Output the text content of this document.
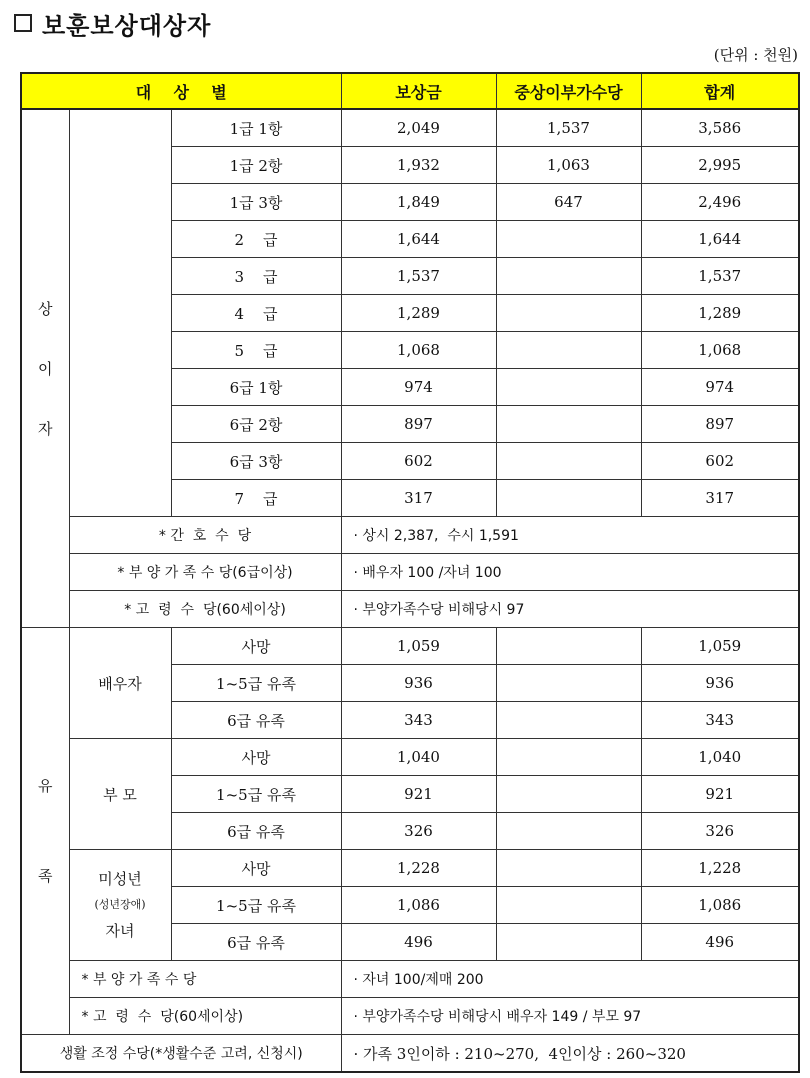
보훈보상대상자
(단위 : 천원)
대    상    별			보상금	중상이부가수당	합계

상
이
자		1급 1항	2,049	1,537	3,586
		1급 2항	1,932	1,063	2,995
		1급 3항	1,849	647	2,496
		2    급	1,644		1,644
		3    급	1,537		1,537
		4    급	1,289		1,289
		5    급	1,068		1,068
		6급 1항	974		974
		6급 2항	897		897
		6급 3항	602		602
		7    급	317		317
	* 간  호  수  당		· 상시 2,387,  수시 1,591		
	* 부 양 가 족 수 당(6급이상)		· 배우자 100 /자녀 100		
	* 고  령  수  당(60세이상)		· 부양가족수당 비해당시 97		

유
족	배우자	사망	1,059		1,059
		1~5급 유족	936		936
		6급 유족	343		343
	부 모	사망	1,040		1,040
		1~5급 유족	921		921
		6급 유족	326		326

	미성년
(성년장애)
자녀	사망	1,228		1,228
		1~5급 유족	1,086		1,086
		6급 유족	496		496
	* 부 양 가 족 수 당		· 자녀 100/제매 200		
	* 고  령  수  당(60세이상)		· 부양가족수당 비해당시 배우자 149 / 부모 97		
생활 조정 수당(*생활수준 고려, 신청시)			· 가족 3인이하 : 210~270,  4인이상 : 260~320		
